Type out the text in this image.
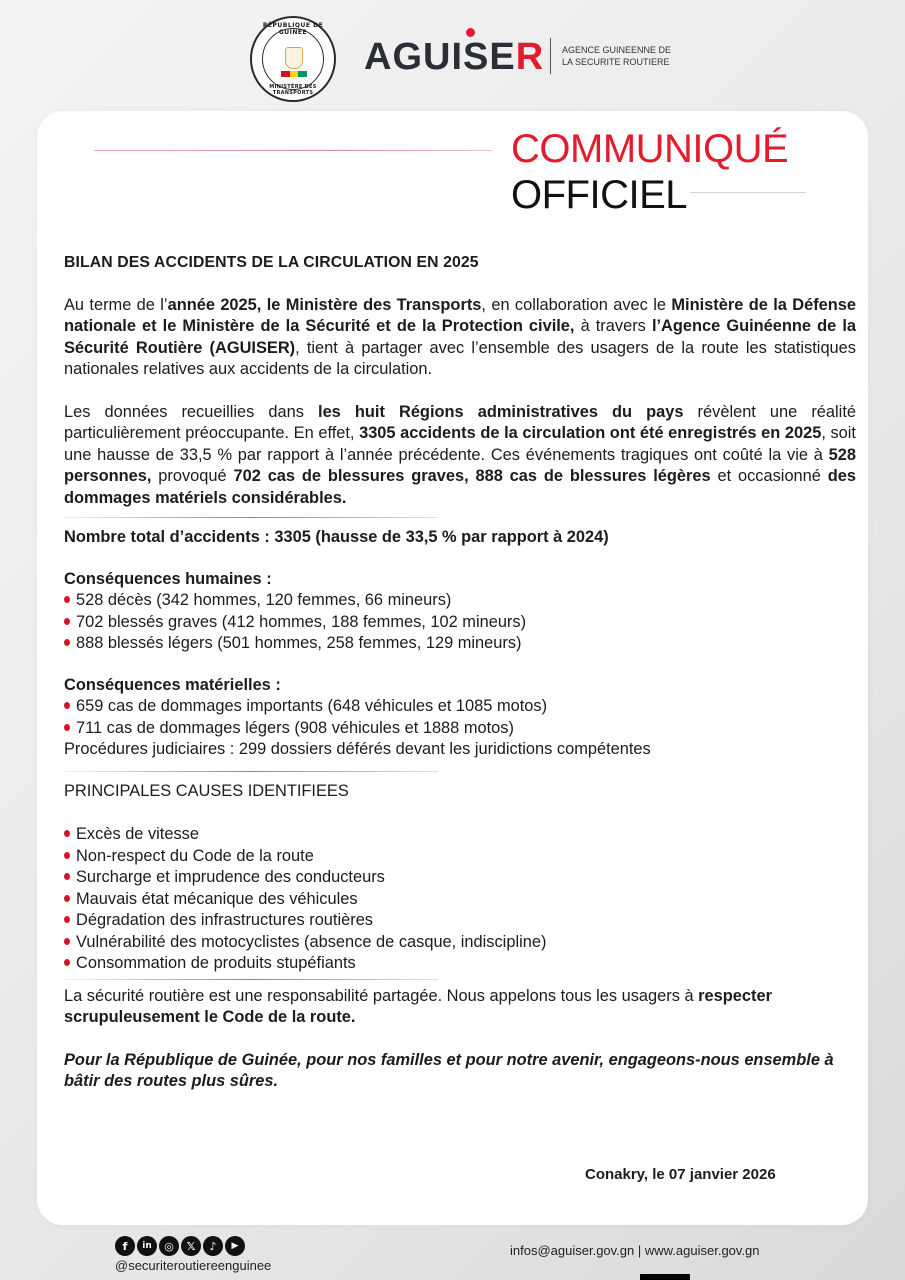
RÉPUBLIQUE DE GUINÉE
MINISTÈRE DES TRANSPORTS
AGUISER AGENCE GUINEENNE DE
LA SECURITE ROUTIERE
COMMUNIQUÉ
OFFICIEL
BILAN DES ACCIDENTS DE LA CIRCULATION EN 2025

Au terme de l’année 2025, le Ministère des Transports, en collaboration avec le Ministère de la Défense nationale et le Ministère de la Sécurité et de la Protection civile, à travers l’Agence Guinéenne de la Sécurité Routière (AGUISER), tient à partager avec l’ensemble des usagers de la route les statistiques nationales relatives aux accidents de la circulation.

Les données recueillies dans les huit Régions administratives du pays révèlent une réalité particulièrement préoccupante. En effet, 3305 accidents de la circulation ont été enregistrés en 2025, soit une hausse de 33,5 % par rapport à l’année précédente. Ces événements tragiques ont coûté la vie à 528 personnes, provoqué 702 cas de blessures graves, 888 cas de blessures légères et occasionné des dommages matériels considérables.

Nombre total d’accidents : 3305 (hausse de 33,5 % par rapport à 2024)
Conséquences humaines :
528 décès (342 hommes, 120 femmes, 66 mineurs)
702 blessés graves (412 hommes, 188 femmes, 102 mineurs)
888 blessés légers (501 hommes, 258 femmes, 129 mineurs)
Conséquences matérielles :
659 cas de dommages importants (648 véhicules et 1085 motos)
711 cas de dommages légers (908 véhicules et 1888 motos)
Procédures judiciaires : 299 dossiers déférés devant les juridictions compétentes
PRINCIPALES CAUSES IDENTIFIEES
Excès de vitesse
Non-respect du Code de la route
Surcharge et imprudence des conducteurs
Mauvais état mécanique des véhicules
Dégradation des infrastructures routières
Vulnérabilité des motocyclistes (absence de casque, indiscipline)
Consommation de produits stupéfiants

La sécurité routière est une responsabilité partagée. Nous appelons tous les usagers à respecter scrupuleusement le Code de la route.

Pour la République de Guinée, pour nos familles et pour notre avenir, engageons-nous ensemble à bâtir des routes plus sûres.

Conakry, le 07 janvier 2026
f	in	◎	𝕏	♪	▶
@securiteroutiereenguinee
infos@aguiser.gov.gn | www.aguiser.gov.gn
